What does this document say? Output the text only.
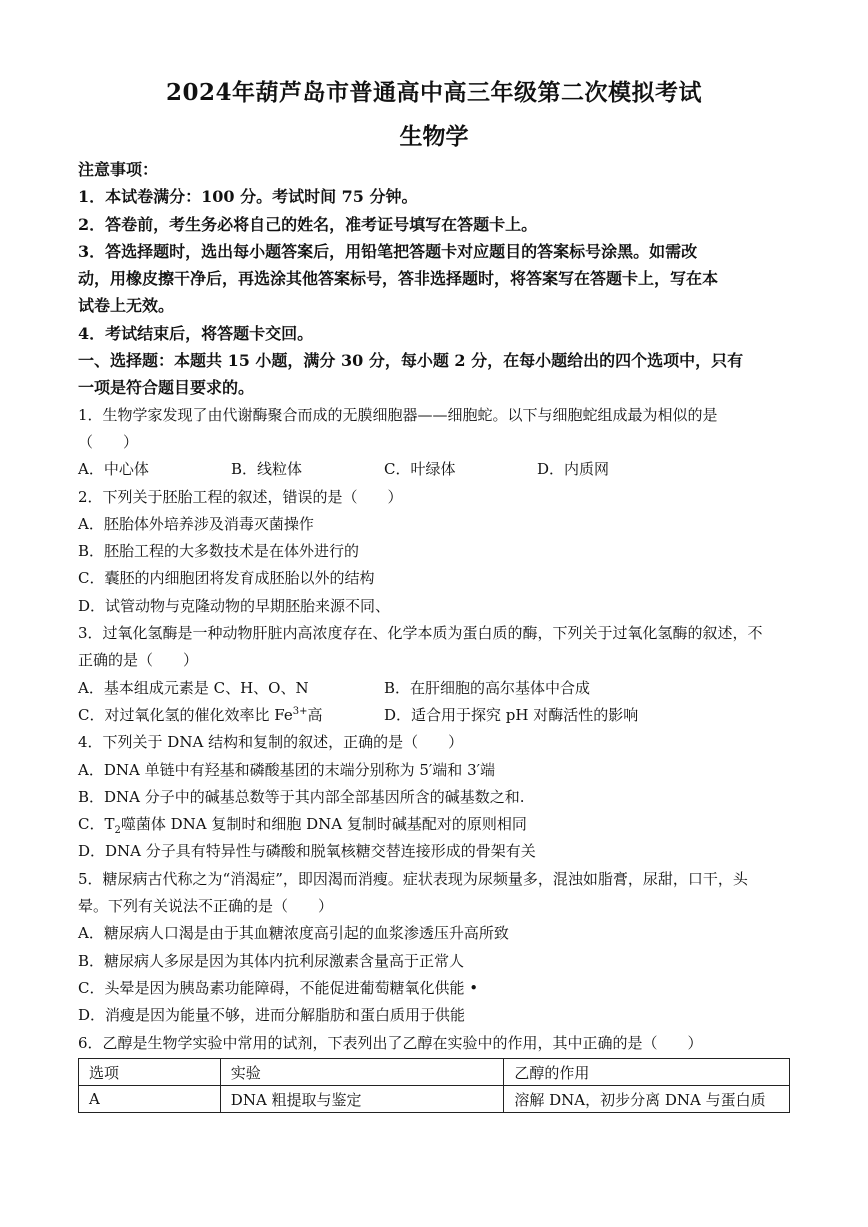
2024年葫芦岛市普通高中高三年级第二次模拟考试
生物学
注意事项：
1．本试卷满分：100 分。考试时间 75 分钟。
2．答卷前，考生务必将自己的姓名，准考证号填写在答题卡上。
3．答选择题时，选出每小题答案后，用铅笔把答题卡对应题目的答案标号涂黑。如需改
动，用橡皮擦干净后，再选涂其他答案标号，答非选择题时，将答案写在答题卡上，写在本
试卷上无效。
4．考试结束后，将答题卡交回。
一、选择题：本题共 15 小题，满分 30 分，每小题 2 分，在每小题给出的四个选项中，只有
一项是符合题目要求的。
1．生物学家发现了由代谢酶聚合而成的无膜细胞器——细胞蛇。以下与细胞蛇组成最为相似的是
（　　）
A．中心体	B．线粒体	C．叶绿体	D．内质网
2．下列关于胚胎工程的叙述，错误的是（　　）
A．胚胎体外培养涉及消毒灭菌操作
B．胚胎工程的大多数技术是在体外进行的
C．囊胚的内细胞团将发育成胚胎以外的结构
D．试管动物与克隆动物的早期胚胎来源不同、
3．过氧化氢酶是一种动物肝脏内高浓度存在、化学本质为蛋白质的酶，下列关于过氧化氢酶的叙述，不
正确的是（　　）
A．基本组成元素是 C、H、O、N	B．在肝细胞的高尔基体中合成
C．对过氧化氢的催化效率比 $Fe^{3+}$高	D．适合用于探究 pH 对酶活性的影响
4．下列关于 DNA 结构和复制的叙述，正确的是（　　）
A．DNA 单链中有羟基和磷酸基团的末端分别称为 5′端和 3′端
B．DNA 分子中的碱基总数等于其内部全部基因所含的碱基数之和.
C．$T_2$噬菌体 DNA 复制时和细胞 DNA 复制时碱基配对的原则相同
D．DNA 分子具有特异性与磷酸和脱氧核糖交替连接形成的骨架有关
5．糖尿病古代称之为“消渴症”，即因渴而消瘦。症状表现为尿频量多，混浊如脂膏，尿甜，口干，头
晕。下列有关说法不正确的是（　　）
A．糖尿病人口渴是由于其血糖浓度高引起的血浆渗透压升高所致
B．糖尿病人多尿是因为其体内抗利尿激素含量高于正常人
C．头晕是因为胰岛素功能障碍，不能促进葡萄糖氧化供能 •
D．消瘦是因为能量不够，进而分解脂肪和蛋白质用于供能
6．乙醇是生物学实验中常用的试剂，下表列出了乙醇在实验中的作用，其中正确的是（　　）
选项	实验	乙醇的作用
A	DNA 粗提取与鉴定	溶解 DNA，初步分离 DNA 与蛋白质
